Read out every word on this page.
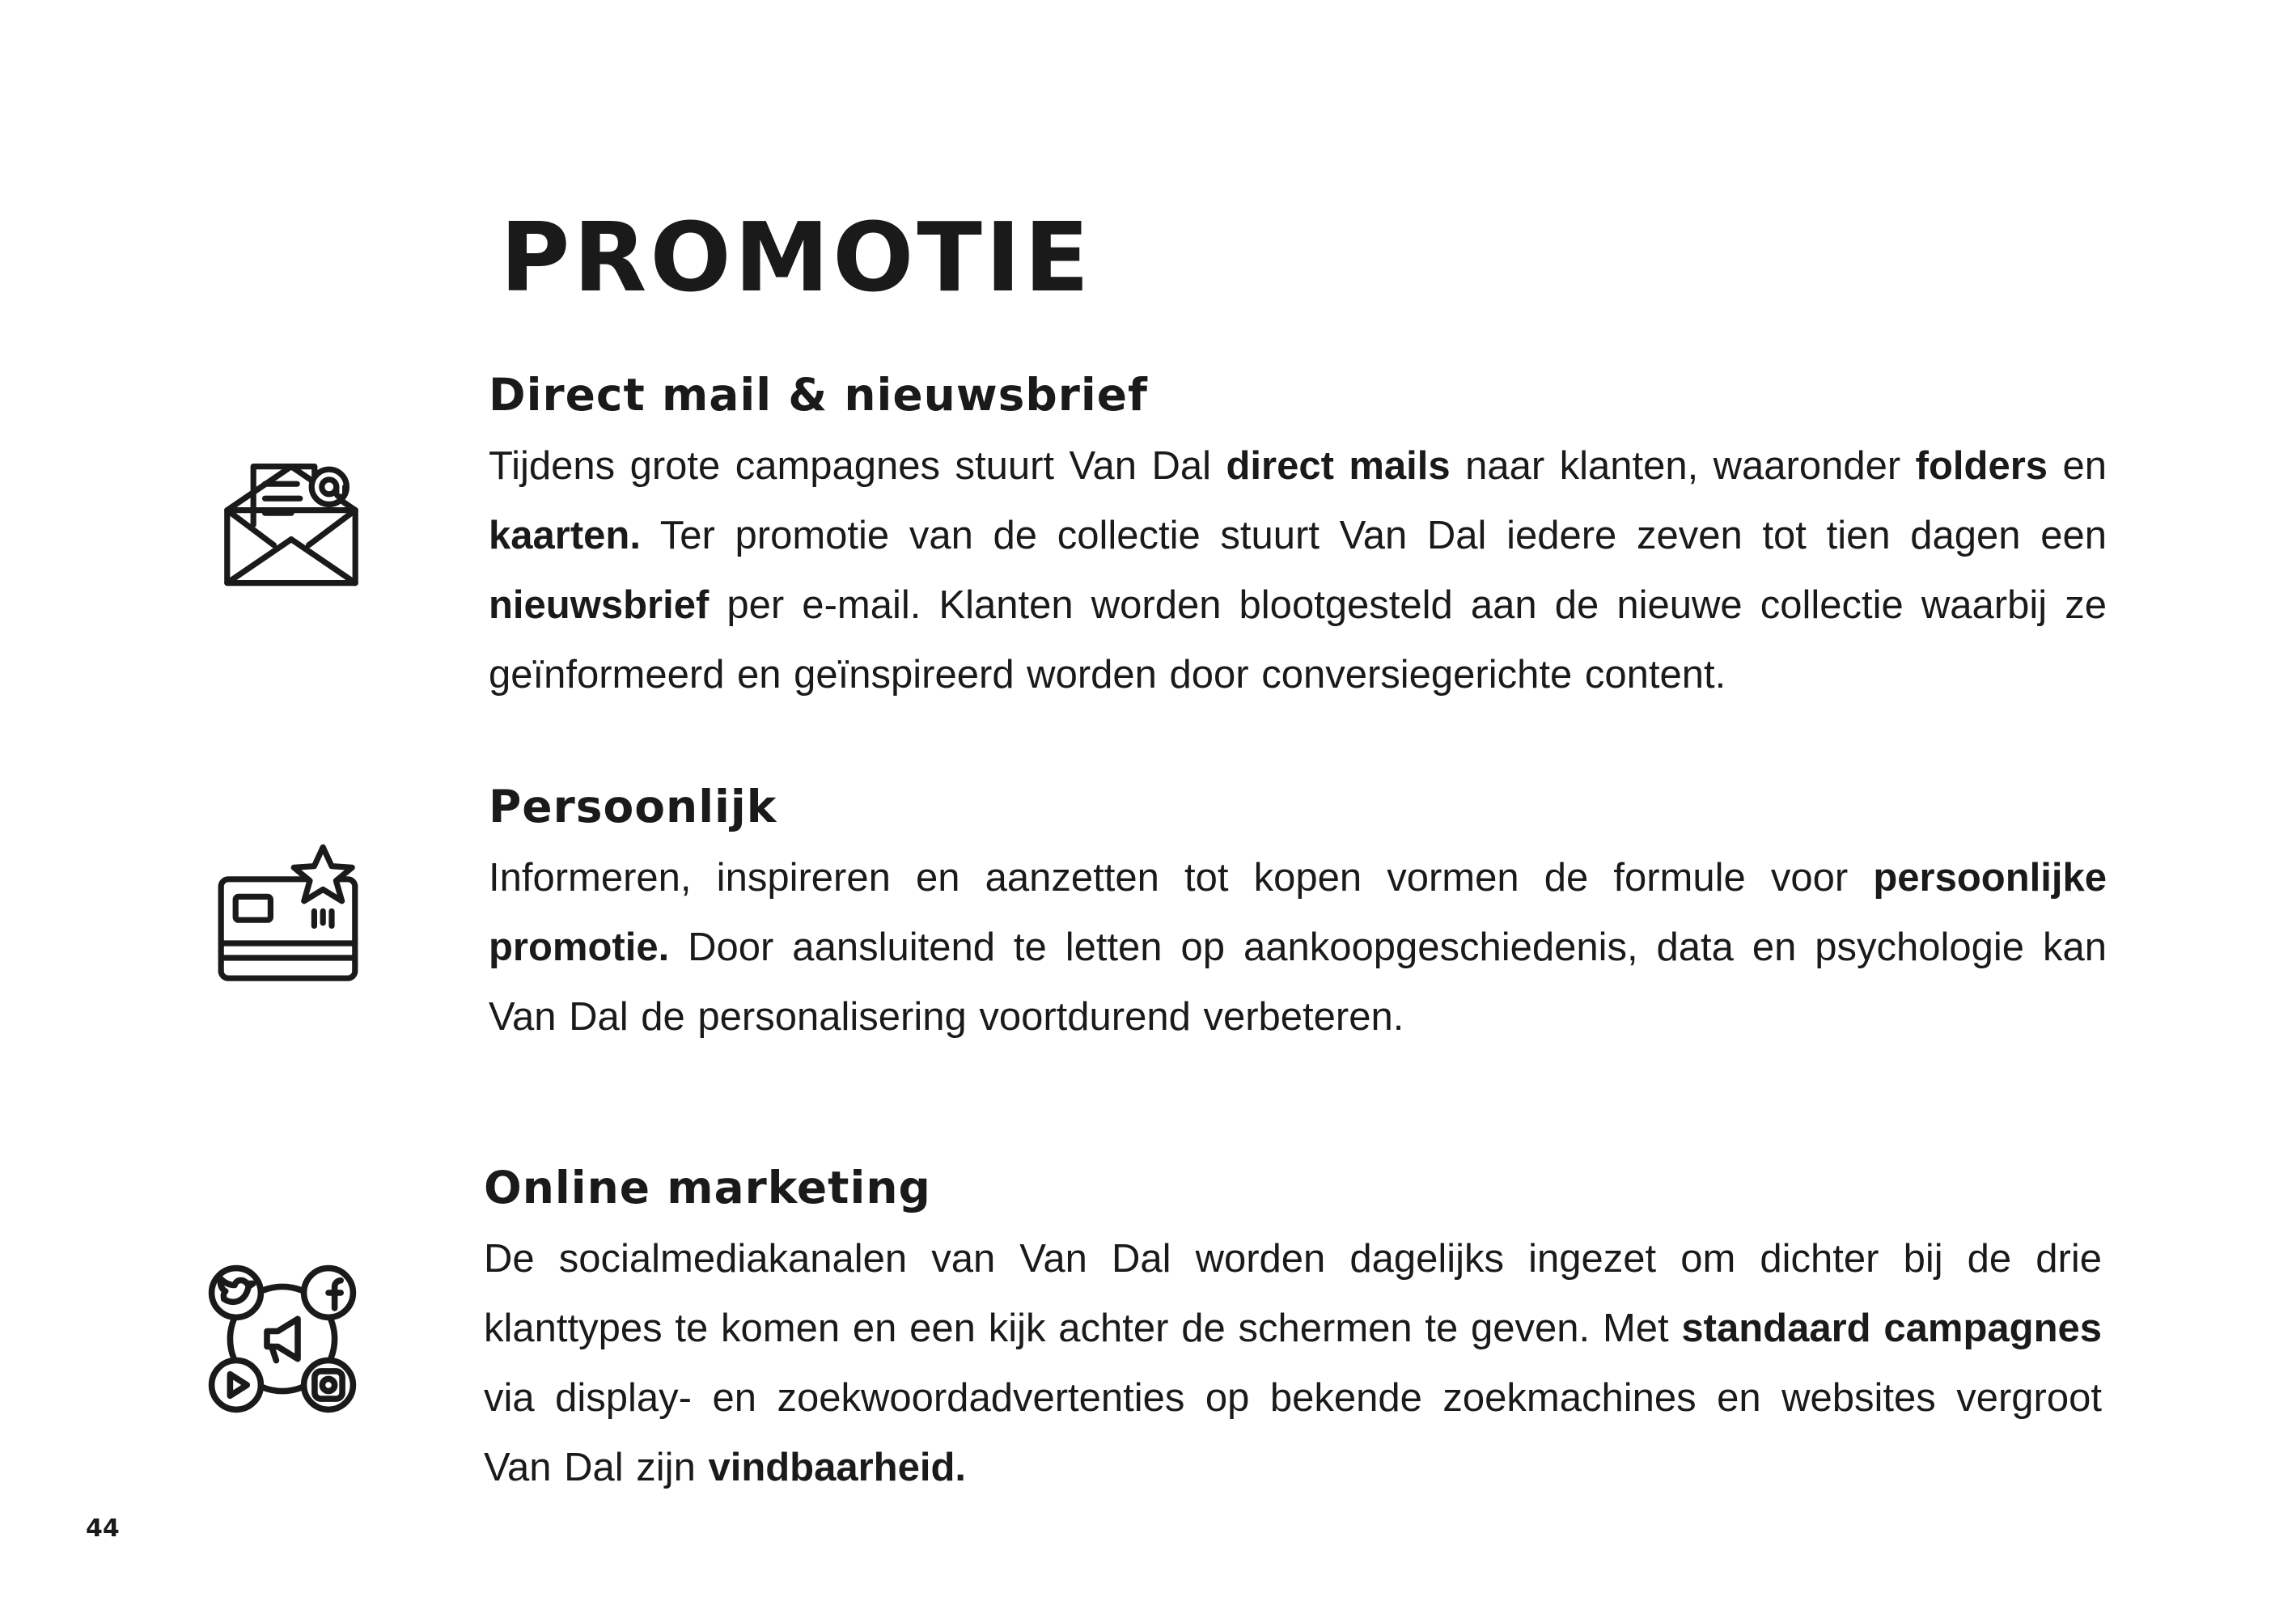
PROMOTIE
Direct mail & nieuwsbrief

Tijdens grote campagnes stuurt Van Dal direct mails naar klanten, waaronder folders en kaarten. Ter promotie van de collectie stuurt Van Dal iedere zeven tot tien dagen een nieuwsbrief per e-mail. Klanten worden blootgesteld aan de nieuwe collectie waarbij ze geïnformeerd en geïnspireerd worden door conversiegerichte content.

Persoonlijk

Informeren, inspireren en aanzetten tot kopen vormen de formule voor persoonlijke promotie. Door aansluitend te letten op aankoopgeschiedenis, data en psychologie kan Van Dal de personalisering voortdurend verbeteren.

Online marketing

De socialmediakanalen van Van Dal worden dagelijks ingezet om dichter bij de drie klanttypes te komen en een kijk achter de schermen te geven. Met standaard campagnes via display- en zoekwoordadvertenties op bekende zoekmachines en websites vergroot Van Dal zijn vindbaarheid.

44
